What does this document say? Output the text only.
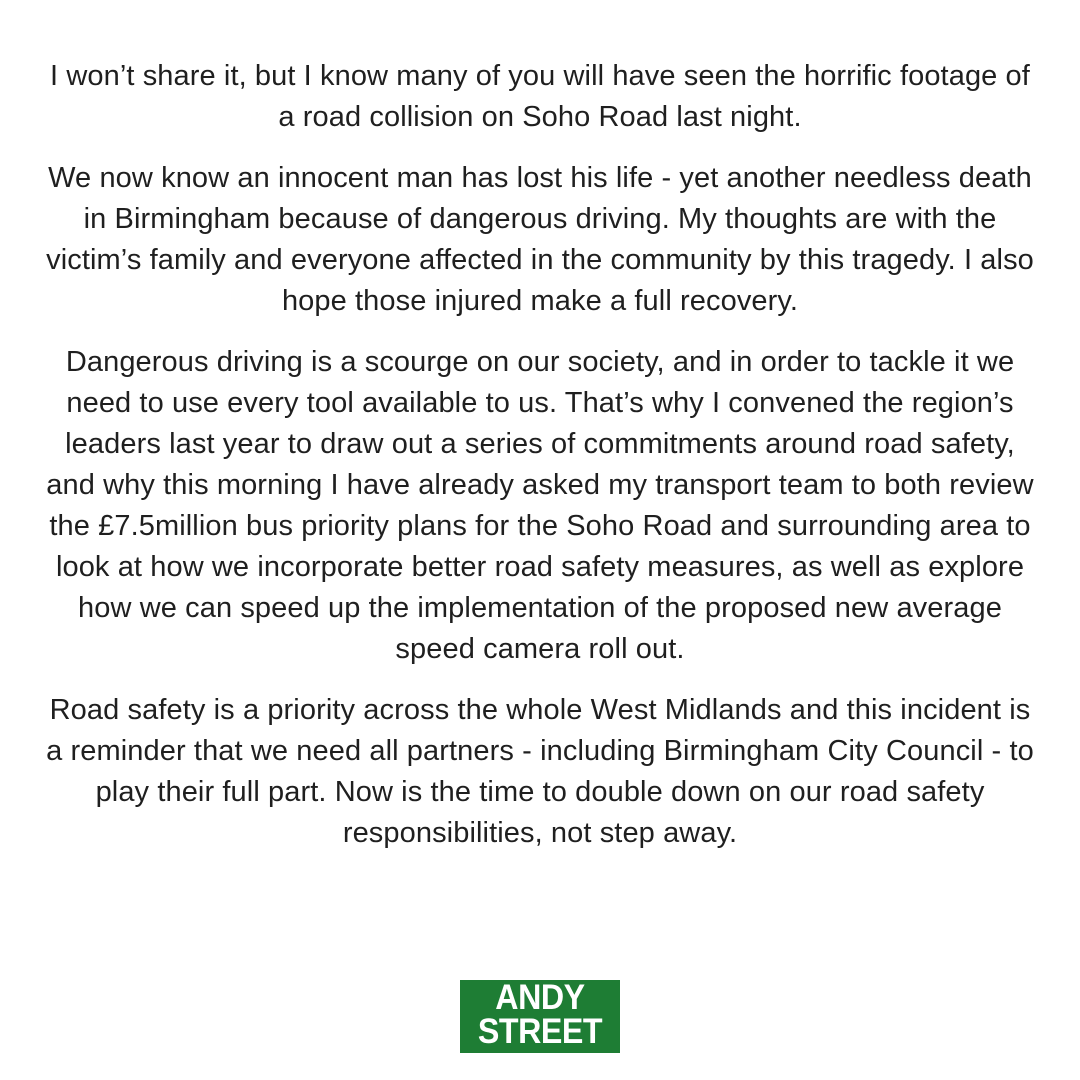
I won’t share it, but I know many of you will have seen the horrific footage of a road collision on Soho Road last night.

We now know an innocent man has lost his life - yet another needless death in Birmingham because of dangerous driving. My thoughts are with the victim’s family and everyone affected in the community by this tragedy. I also hope those injured make a full recovery.

Dangerous driving is a scourge on our society, and in order to tackle it we need to use every tool available to us. That’s why I convened the region’s leaders last year to draw out a series of commitments around road safety, and why this morning I have already asked my transport team to both review the £7.5million bus priority plans for the Soho Road and surrounding area to look at how we incorporate better road safety measures, as well as explore how we can speed up the implementation of the proposed new average speed camera roll out.

Road safety is a priority across the whole West Midlands and this incident is a reminder that we need all partners - including Birmingham City Council - to play their full part. Now is the time to double down on our road safety responsibilities, not step away.

ANDY
STREET
